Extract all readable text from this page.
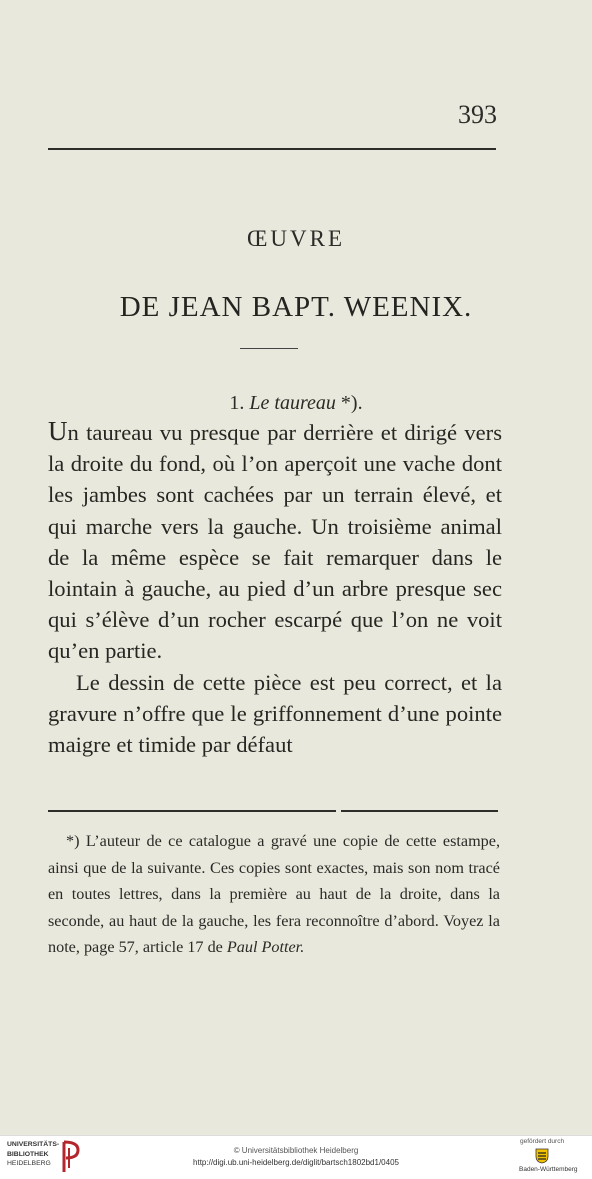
393
ŒUVRE
DE JEAN BAPT. WEENIX.
1. Le taureau *).

Un taureau vu presque par derrière et dirigé vers la droite du fond, où l’on aperçoit une vache dont les jambes sont cachées par un terrain élevé, et qui marche vers la gauche. Un troisième animal de la même espèce se fait remarquer dans le lointain à gauche, au pied d’un arbre presque sec qui s’élève d’un rocher escarpé que l’on ne voit qu’en partie.

Le dessin de cette pièce est peu correct, et la gravure n’offre que le griffonnement d’une pointe maigre et timide par défaut

*) L’auteur de ce catalogue a gravé une copie de cette estampe, ainsi que de la suivante. Ces copies sont exactes, mais son nom tracé en toutes lettres, dans la première au haut de la droite, dans la seconde, au haut de la gauche, les fera reconnoître d’abord. Voyez la note, page 57, article 17 de Paul Potter.

UNIVERSITÄTS-
BIBLIOTHEK
HEIDELBERG
© Universitätsbibliothek Heidelberg
http://digi.ub.uni-heidelberg.de/diglit/bartsch1802bd1/0405
gefördert durch
Baden-Württemberg
